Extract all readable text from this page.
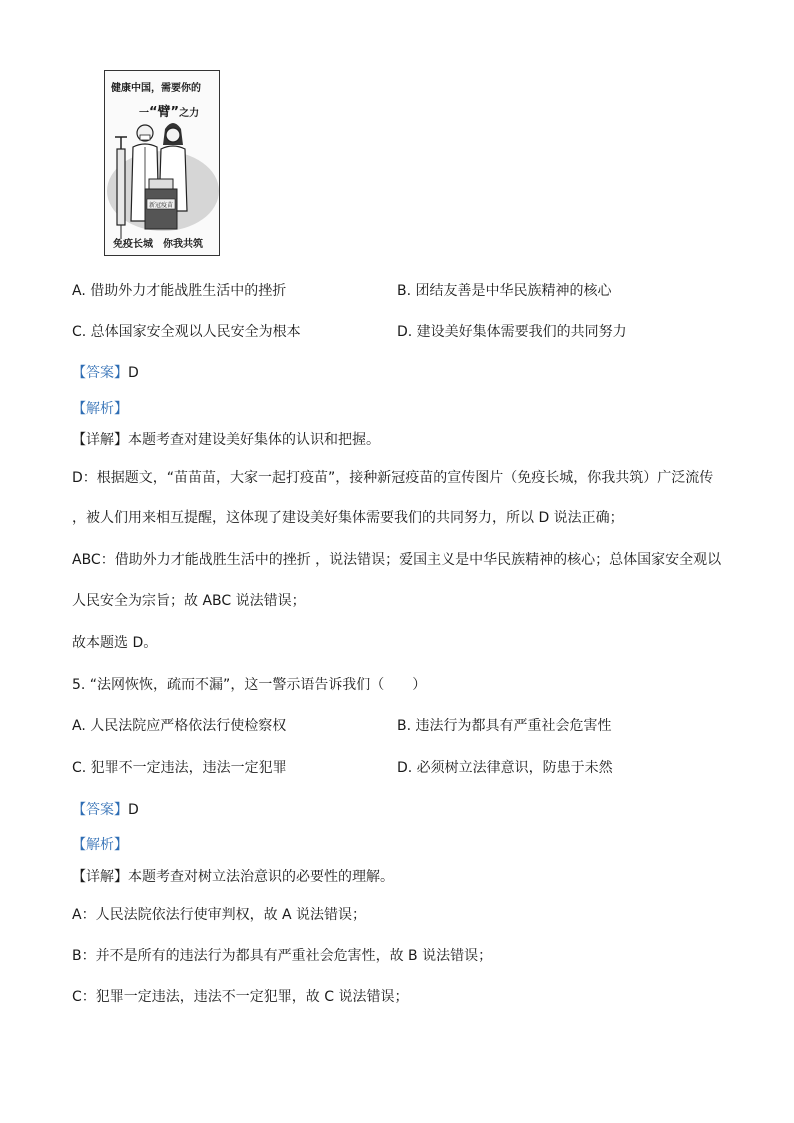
新冠疫苗
健康中国，需要你的
一“臂”之力
免疫长城　你我共筑
A. 借助外力才能战胜生活中的挫折	B. 团结友善是中华民族精神的核心
C. 总体国家安全观以人民安全为根本	D. 建设美好集体需要我们的共同努力
【答案】D
【解析】
【详解】本题考查对建设美好集体的认识和把握。
D：根据题文，“苗苗苗，大家一起打疫苗”，接种新冠疫苗的宣传图片（免疫长城，你我共筑）广泛流传
，被人们用来相互提醒，这体现了建设美好集体需要我们的共同努力，所以 D 说法正确；
ABC：借助外力才能战胜生活中的挫折 ，说法错误；爱国主义是中华民族精神的核心；总体国家安全观以
人民安全为宗旨；故 ABC 说法错误；
故本题选 D。
5. “法网恢恢，疏而不漏”，这一警示语告诉我们（　　）
A. 人民法院应严格依法行使检察权	B. 违法行为都具有严重社会危害性
C. 犯罪不一定违法，违法一定犯罪	D. 必须树立法律意识，防患于未然
【答案】D
【解析】
【详解】本题考查对树立法治意识的必要性的理解。
A：人民法院依法行使审判权，故 A 说法错误；
B：并不是所有的违法行为都具有严重社会危害性，故 B 说法错误；
C：犯罪一定违法，违法不一定犯罪，故 C 说法错误；
